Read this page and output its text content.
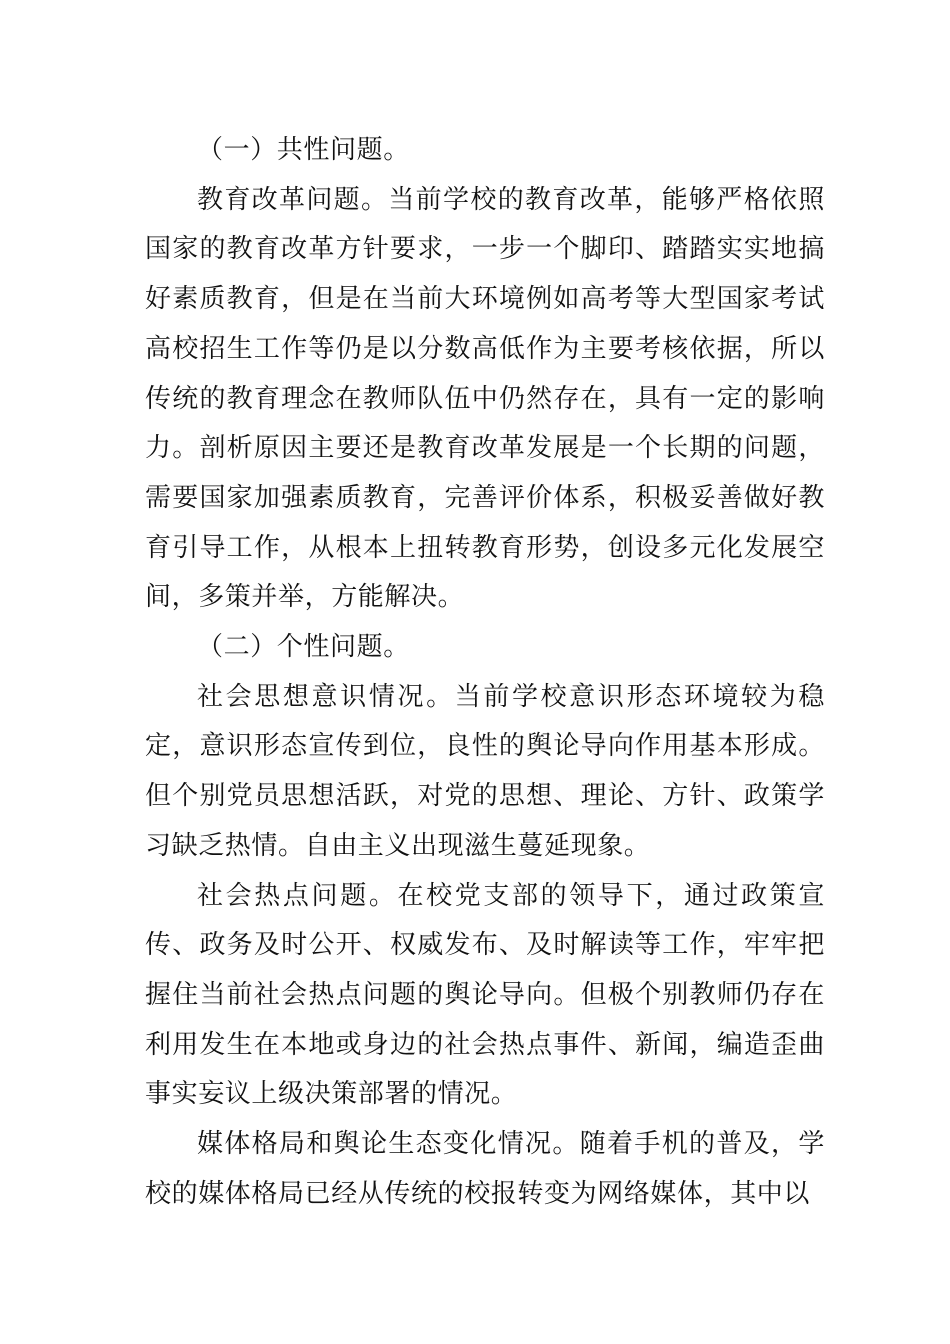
（一）共性问题。

教育改革问题。当前学校的教育改革，能够严格依照国家的教育改革方针要求，一步一个脚印、踏踏实实地搞好素质教育，但是在当前大环境例如高考等大型国家考试高校招生工作等仍是以分数高低作为主要考核依据，所以传统的教育理念在教师队伍中仍然存在，具有一定的影响力。剖析原因主要还是教育改革发展是一个长期的问题，需要国家加强素质教育，完善评价体系，积极妥善做好教育引导工作，从根本上扭转教育形势，创设多元化发展空间，多策并举，方能解决。

（二）个性问题。

社会思想意识情况。当前学校意识形态环境较为稳定，意识形态宣传到位，良性的舆论导向作用基本形成。但个别党员思想活跃，对党的思想、理论、方针、政策学习缺乏热情。自由主义出现滋生蔓延现象。

社会热点问题。在校党支部的领导下，通过政策宣传、政务及时公开、权威发布、及时解读等工作，牢牢把握住当前社会热点问题的舆论导向。但极个别教师仍存在利用发生在本地或身边的社会热点事件、新闻，编造歪曲事实妄议上级决策部署的情况。

媒体格局和舆论生态变化情况。随着手机的普及，学校的媒体格局已经从传统的校报转变为网络媒体，其中以
